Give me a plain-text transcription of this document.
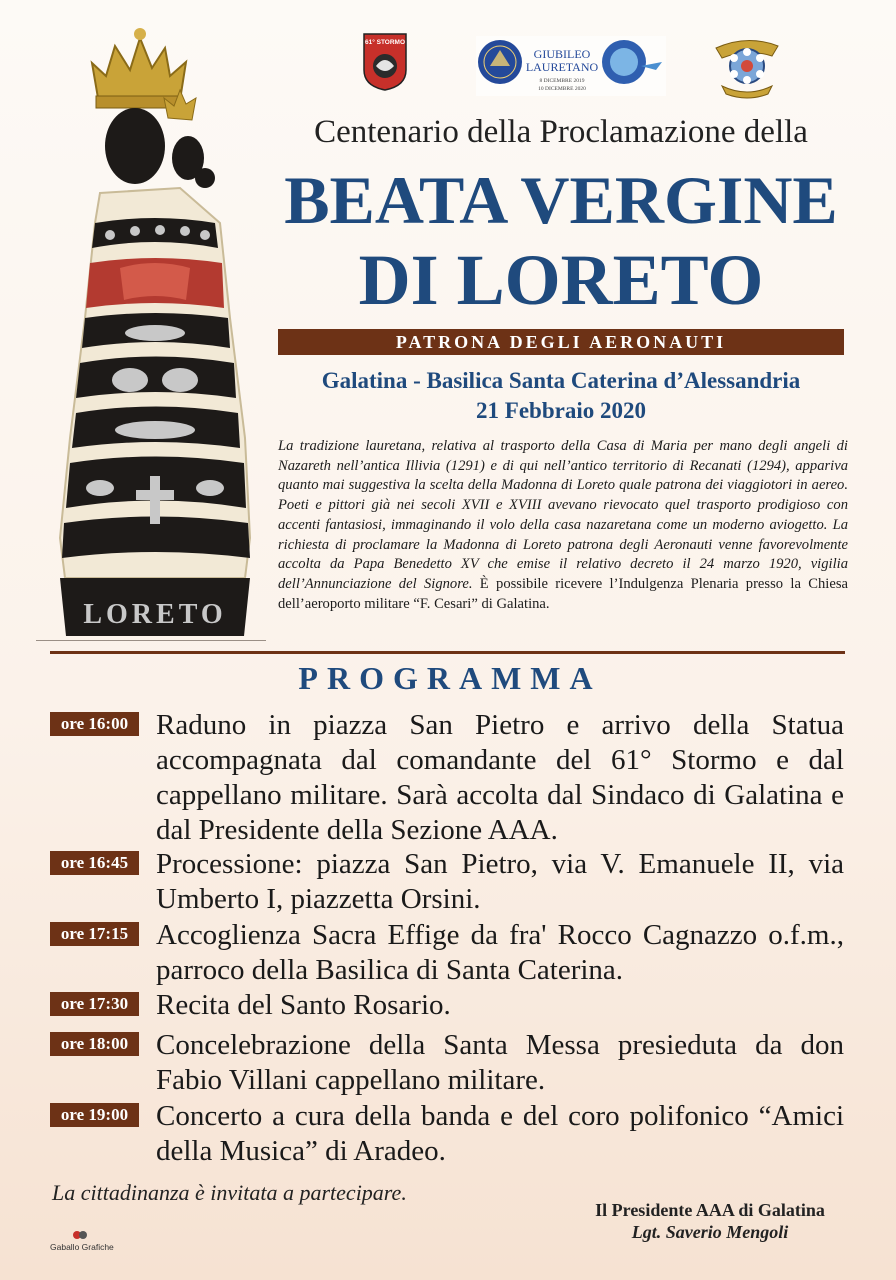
LORETO
61° STORMO
GIUBILEO
LAURETANO
8 DICEMBRE 2019
10 DICEMBRE 2020
Centenario della Proclamazione della
BEATA VERGINE
DI LORETO
PATRONA DEGLI AERONAUTI
Galatina - Basilica Santa Caterina d’Alessandria
21 Febbraio 2020
La tradizione lauretana, relativa al trasporto della Casa di Maria per mano degli angeli di Nazareth nell’antica Illivia (1291) e di qui nell’antico territorio di Recanati (1294), apparivа quanto mai suggestiva la scelta della Madonna di Loreto quale patrona dei viaggiotori in aereo. Poeti e pittori già nei secoli XVII e XVIII avevano rievocato quel trasporto prodigioso con accenti fantasiosi, immaginando il volo della casa nazaretana come un moderno aviogetto. La richiesta di proclamare la Madonna di Loreto patrona degli Aeronauti venne favorevolmente accolta da Papa Benedetto XV che emise il relativo decreto il 24 marzo 1920, vigilia dell’Annunciazione del Signore. È possibile ricevere l’Indulgenza Plenaria presso la Chiesa dell’aeroporto militare “F. Cesari” di Galatina.
PROGRAMMA
ore 16:00 Raduno in piazza San Pietro e arrivo della Statua accompagnata dal comandante del 61° Stormo e dal cappellano militare. Sarà accolta dal Sindaco di Galatina e dal Presidente della Sezione AAA.
ore 16:45 Processione: piazza San Pietro, via V. Emanuele II, via Umberto I, piazzetta Orsini.
ore 17:15 Accoglienza Sacra Effige da fra' Rocco Cagnazzo o.f.m., parroco della Basilica di Santa Caterina.
ore 17:30 Recita del Santo Rosario.
ore 18:00 Concelebrazione della Santa Messa presieduta da don Fabio Villani cappellano militare.
ore 19:00 Concerto a cura della banda e del coro polifonico “Amici della Musica” di Aradeo.
La cittadinanza è invitata a partecipare.
Il Presidente AAA di Galatina
Lgt. Saverio Mengoli
Gaballo Grafiche
